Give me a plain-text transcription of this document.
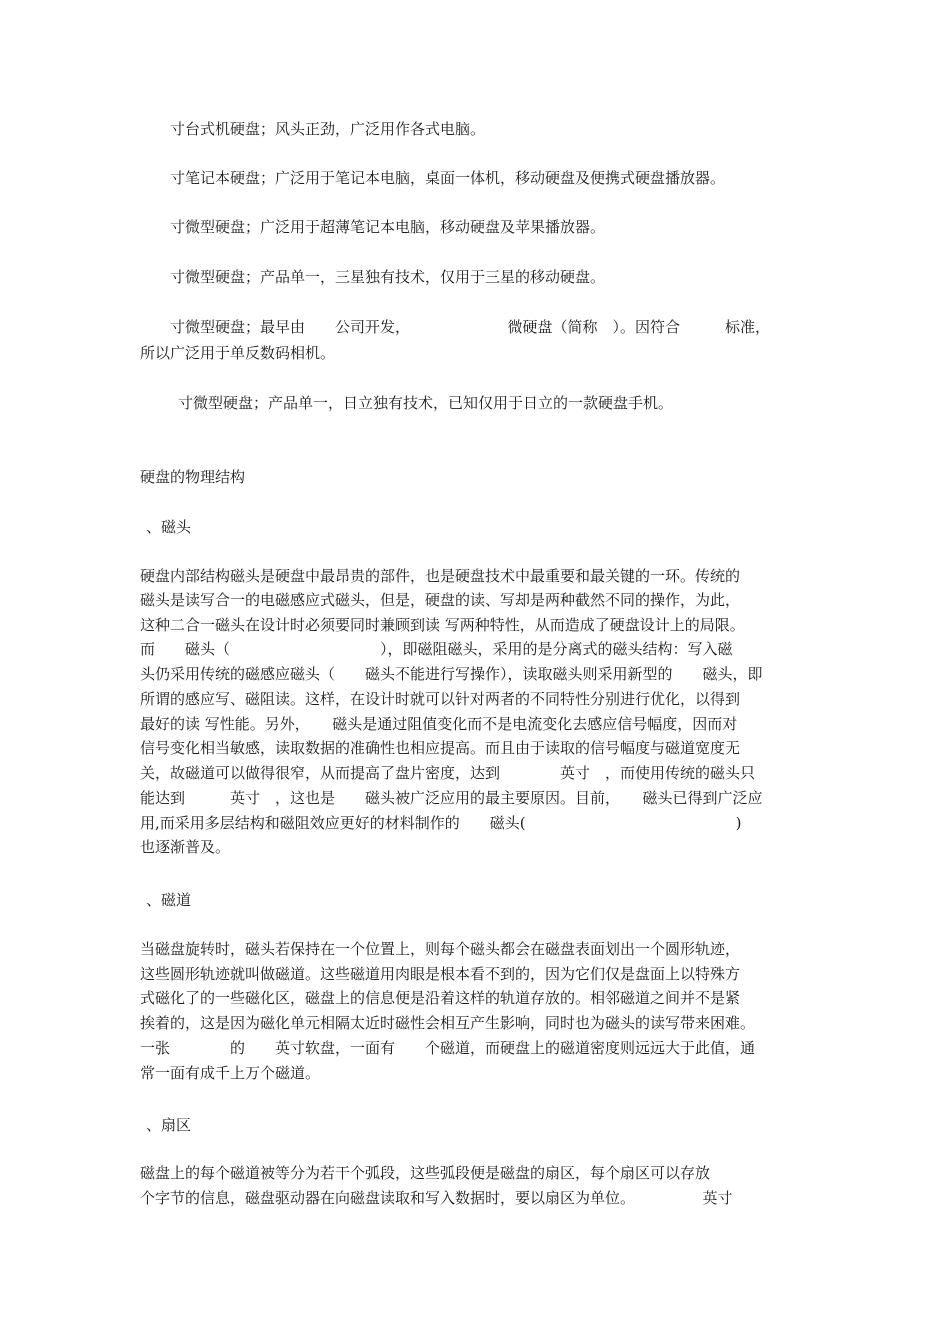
寸台式机硬盘；风头正劲，广泛用作各式电脑。

寸笔记本硬盘；广泛用于笔记本电脑，桌面一体机，移动硬盘及便携式硬盘播放器。

寸微型硬盘；广泛用于超薄笔记本电脑，移动硬盘及苹果播放器。

寸微型硬盘；产品单一，三星独有技术，仅用于三星的移动硬盘。

寸微型硬盘；最早由　　公司开发，　　　　　　　微硬盘（简称　）。因符合　　　标准，

所以广泛用于单反数码相机。

寸微型硬盘；产品单一，日立独有技术，已知仅用于日立的一款硬盘手机。

硬盘的物理结构

、磁头

硬盘内部结构磁头是硬盘中最昂贵的部件，也是硬盘技术中最重要和最关键的一环。传统的

磁头是读写合一的电磁感应式磁头，但是，硬盘的读、写却是两种截然不同的操作，为此，

这种二合一磁头在设计时必须要同时兼顾到读 写两种特性，从而造成了硬盘设计上的局限。

而　　磁头（　　　　　　　　　　），即磁阻磁头，采用的是分离式的磁头结构：写入磁

头仍采用传统的磁感应磁头（　　磁头不能进行写操作），读取磁头则采用新型的　　磁头，即

所谓的感应写、磁阻读。这样，在设计时就可以针对两者的不同特性分别进行优化，以得到

最好的读 写性能。另外，　　磁头是通过阻值变化而不是电流变化去感应信号幅度，因而对

信号变化相当敏感，读取数据的准确性也相应提高。而且由于读取的信号幅度与磁道宽度无

关，故磁道可以做得很窄，从而提高了盘片密度，达到　　　　英寸　，而使用传统的磁头只

能达到　　　英寸　，这也是　　磁头被广泛应用的最主要原因。目前，　　磁头已得到广泛应

用,而采用多层结构和磁阻效应更好的材料制作的　　磁头(　　　　　　　　　　　　　　)

也逐渐普及。

、磁道

当磁盘旋转时，磁头若保持在一个位置上，则每个磁头都会在磁盘表面划出一个圆形轨迹，

这些圆形轨迹就叫做磁道。这些磁道用肉眼是根本看不到的，因为它们仅是盘面上以特殊方

式磁化了的一些磁化区，磁盘上的信息便是沿着这样的轨道存放的。相邻磁道之间并不是紧

挨着的，这是因为磁化单元相隔太近时磁性会相互产生影响，同时也为磁头的读写带来困难。

一张　　　　的　　英寸软盘，一面有　　个磁道，而硬盘上的磁道密度则远远大于此值，通

常一面有成千上万个磁道。

、扇区

磁盘上的每个磁道被等分为若干个弧段，这些弧段便是磁盘的扇区，每个扇区可以存放

个字节的信息，磁盘驱动器在向磁盘读取和写入数据时，要以扇区为单位。　　　　　英寸
